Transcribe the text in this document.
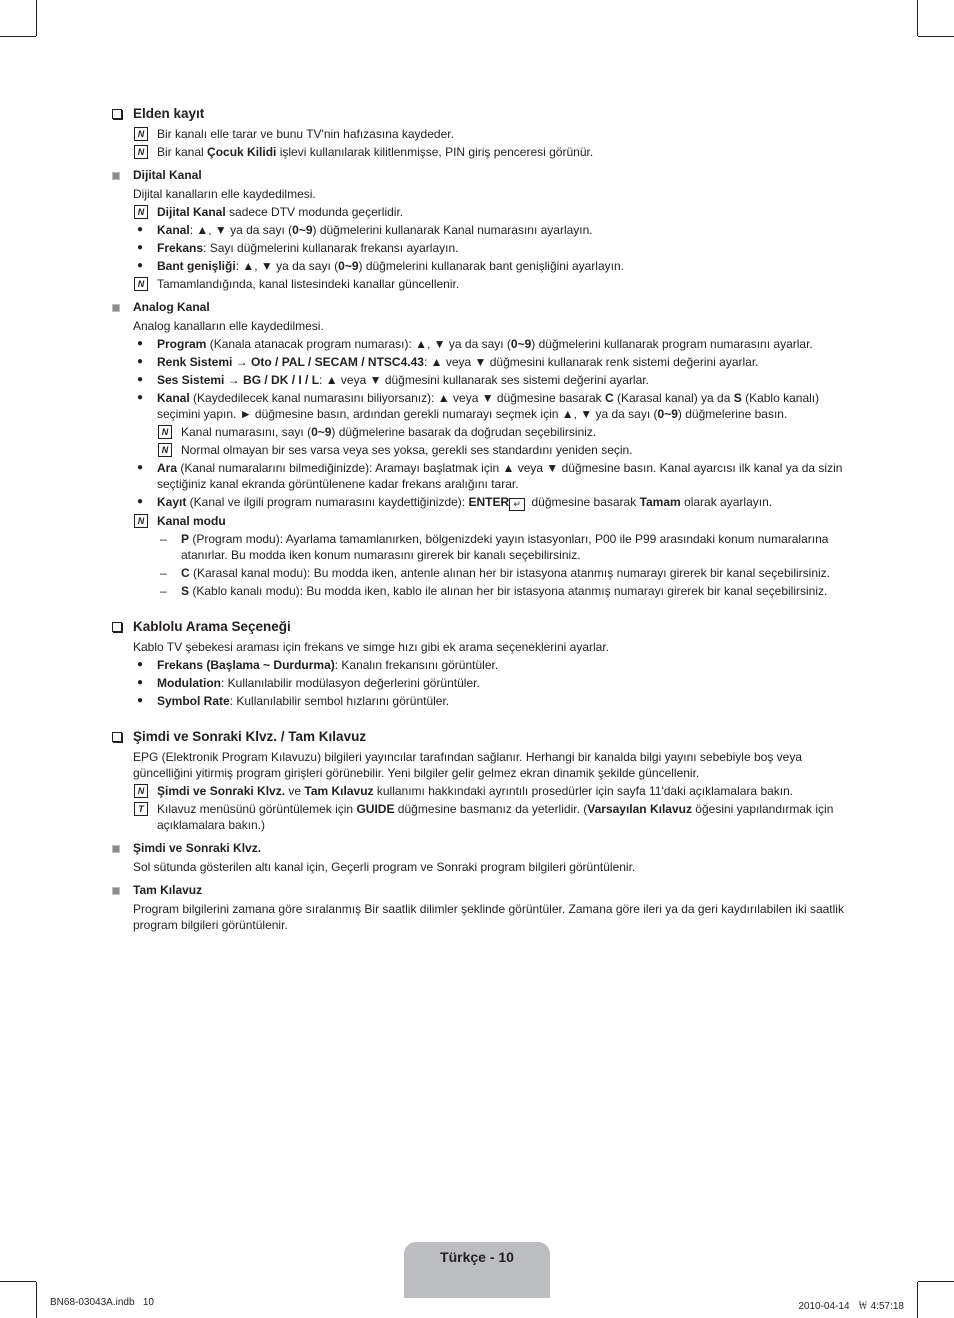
Elden kayıt
N	Bir kanalı elle tarar ve bunu TV'nin hafızasına kaydeder.
N	Bir kanal Çocuk Kilidi işlevi kullanılarak kilitlenmişse, PIN giriş penceresi görünür.
Dijital Kanal
Dijital kanalların elle kaydedilmesi.
N	Dijital Kanal sadece DTV modunda geçerlidir.
● Kanal: ▲, ▼ ya da sayı (0~9) düğmelerini kullanarak Kanal numarasını ayarlayın.
● Frekans: Sayı düğmelerini kullanarak frekansı ayarlayın.
● Bant genişliği: ▲, ▼ ya da sayı (0~9) düğmelerini kullanarak bant genişliğini ayarlayın.
N	Tamamlandığında, kanal listesindeki kanallar güncellenir.
Analog Kanal
Analog kanalların elle kaydedilmesi.
● Program (Kanala atanacak program numarası): ▲, ▼ ya da sayı (0~9) düğmelerini kullanarak program numarasını ayarlar.
● Renk Sistemi → Oto / PAL / SECAM / NTSC4.43: ▲ veya ▼ düğmesini kullanarak renk sistemi değerini ayarlar.
● Ses Sistemi → BG / DK / I / L: ▲ veya ▼ düğmesini kullanarak ses sistemi değerini ayarlar.
● Kanal (Kaydedilecek kanal numarasını biliyorsanız): ▲ veya ▼ düğmesine basarak C (Karasal kanal) ya da S (Kablo kanalı) seçimini yapın. ► düğmesine basın, ardından gerekli numarayı seçmek için ▲, ▼ ya da sayı (0~9) düğmelerine basın.
N	Kanal numarasını, sayı (0~9) düğmelerine basarak da doğrudan seçebilirsiniz.
N	Normal olmayan bir ses varsa veya ses yoksa, gerekli ses standardını yeniden seçin.
● Ara (Kanal numaralarını bilmediğinizde): Aramayı başlatmak için ▲ veya ▼ düğmesine basın. Kanal ayarcısı ilk kanal ya da sizin seçtiğiniz kanal ekranda görüntülenene kadar frekans aralığını tarar.
● Kayıt (Kanal ve ilgili program numarasını kaydettiğinizde): ENTER ↵ düğmesine basarak Tamam olarak ayarlayın.
N	Kanal modu
– P (Program modu): Ayarlama tamamlanırken, bölgenizdeki yayın istasyonları, P00 ile P99 arasındaki konum numaralarına atanırlar. Bu modda iken konum numarasını girerek bir kanalı seçebilirsiniz.
– C (Karasal kanal modu): Bu modda iken, antenle alınan her bir istasyona atanmış numarayı girerek bir kanal seçebilirsiniz.
– S (Kablo kanalı modu): Bu modda iken, kablo ile alınan her bir istasyona atanmış numarayı girerek bir kanal seçebilirsiniz.
Kablolu Arama Seçeneği
Kablo TV şebekesi araması için frekans ve simge hızı gibi ek arama seçeneklerini ayarlar.
● Frekans (Başlama ~ Durdurma): Kanalın frekansını görüntüler.
● Modulation: Kullanılabilir modülasyon değerlerini görüntüler.
● Symbol Rate: Kullanılabilir sembol hızlarını görüntüler.
Şimdi ve Sonraki Klvz. / Tam Kılavuz
EPG (Elektronik Program Kılavuzu) bilgileri yayıncılar tarafından sağlanır. Herhangi bir kanalda bilgi yayını sebebiyle boş veya güncelliğini yitirmiş program girişleri görünebilir. Yeni bilgiler gelir gelmez ekran dinamik şekilde güncellenir.
N	Şimdi ve Sonraki Klvz. ve Tam Kılavuz kullanımı hakkındaki ayrıntılı prosedürler için sayfa 11'daki açıklamalara bakın.
T	Kılavuz menüsünü görüntülemek için GUIDE düğmesine basmanız da yeterlidir. (Varsayılan Kılavuz öğesini yapılandırmak için açıklamalara bakın.)
Şimdi ve Sonraki Klvz.
Sol sütunda gösterilen altı kanal için, Geçerli program ve Sonraki program bilgileri görüntülenir.
Tam Kılavuz
Program bilgilerini zamana göre sıralanmış Bir saatlik dilimler şeklinde görüntüler. Zamana göre ileri ya da geri kaydırılabilen iki saatlik program bilgileri görüntülenir.
Türkçe - 10
BN68-03043A.indb   10	2010-04-14   ￦ 4:57:18
